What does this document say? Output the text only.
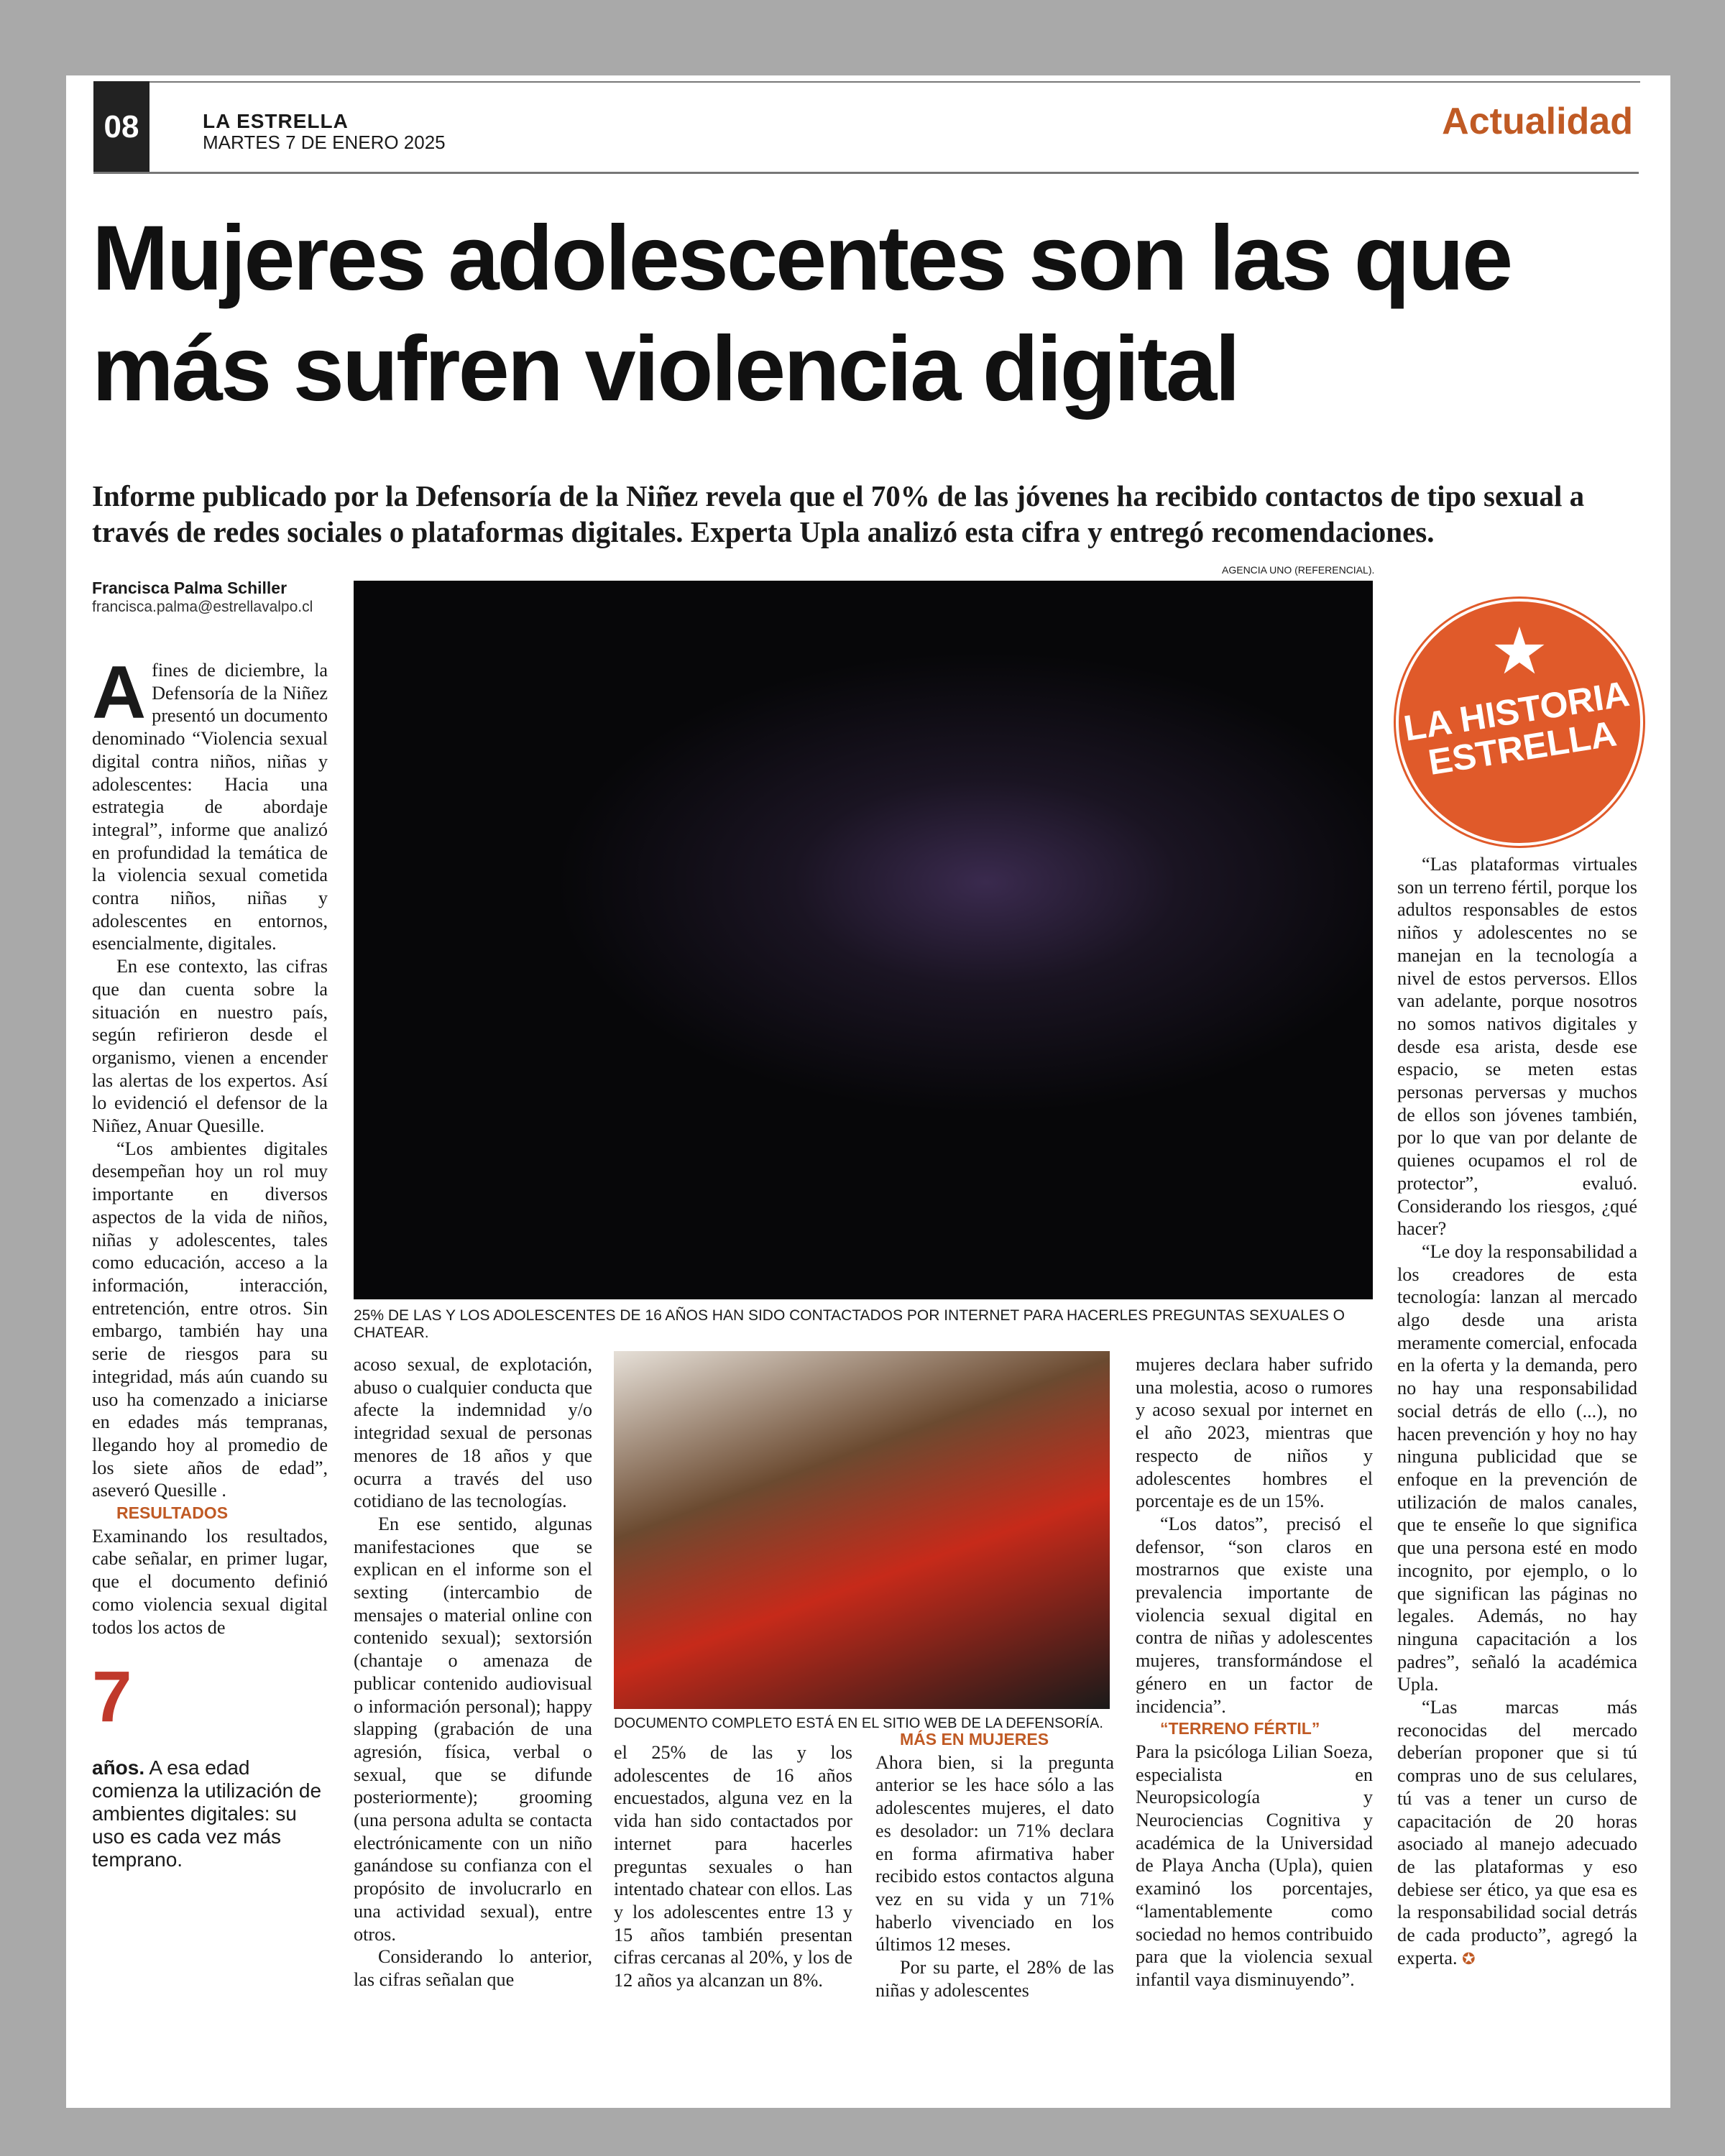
08	LA ESTRELLA
MARTES 7 DE ENERO 2025	Actualidad
Mujeres adolescentes son las que más sufren violencia digital

Informe publicado por la Defensoría de la Niñez revela que el 70% de las jóvenes ha recibido contactos de tipo sexual a través de redes sociales o plataformas digitales. Experta Upla analizó esta cifra y entregó recomendaciones.

Francisca Palma Schiller
francisca.palma@estrellavalpo.cl
AGENCIA UNO (REFERENCIAL).
25% DE LAS Y LOS ADOLESCENTES DE 16 AÑOS HAN SIDO CONTACTADOS POR INTERNET PARA HACERLES PREGUNTAS SEXUALES O CHATEAR.
★
LA HISTORIA ESTRELLA
A fines de diciembre, la Defensoría de la Niñez presentó un documento denominado “Violencia sexual digital contra niños, niñas y adolescentes: Hacia una estrategia de abordaje integral”, informe que analizó en profundidad la temática de la violencia sexual cometida contra niños, niñas y adolescentes en entornos, esencialmente, digitales.

En ese contexto, las cifras que dan cuenta sobre la situación en nuestro país, según refirieron desde el organismo, vienen a encender las alertas de los expertos. Así lo evidenció el defensor de la Niñez, Anuar Quesille.

“Los ambientes digitales desempeñan hoy un rol muy importante en diversos aspectos de la vida de niños, niñas y adolescentes, tales como educación, acceso a la información, interacción, entretención, entre otros. Sin embargo, también hay una serie de riesgos para su integridad, más aún cuando su uso ha comenzado a iniciarse en edades más tempranas, llegando hoy al promedio de los siete años de edad”, aseveró Quesille .

RESULTADOS

Examinando los resultados, cabe señalar, en primer lugar, que el documento definió como violencia sexual digital todos los actos de

7
años. A esa edad comienza la utilización de ambientes digitales: su uso es cada vez más temprano.

acoso sexual, de explotación, abuso o cualquier conducta que afecte la indemnidad y/o integridad sexual de personas menores de 18 años y que ocurra a través del uso cotidiano de las tecnologías.

En ese sentido, algunas manifestaciones que se explican en el informe son el sexting (intercambio de mensajes o material online con contenido sexual); sextorsión (chantaje o amenaza de publicar contenido audiovisual o información personal); happy slapping (grabación de una agresión, física, verbal o sexual, que se difunde posteriormente); grooming (una persona adulta se contacta electrónicamente con un niño ganándose su confianza con el propósito de involucrarlo en una actividad sexual), entre otros.

Considerando lo anterior, las cifras señalan que

DOCUMENTO COMPLETO ESTÁ EN EL SITIO WEB DE LA DEFENSORÍA.

el 25% de las y los adolescentes de 16 años encuestados, alguna vez en la vida han sido contactados por internet para hacerles preguntas sexuales o han intentado chatear con ellos. Las y los adolescentes entre 13 y 15 años también presentan cifras cercanas al 20%, y los de 12 años ya alcanzan un 8%.

MÁS EN MUJERES

Ahora bien, si la pregunta anterior se les hace sólo a las adolescentes mujeres, el dato es desolador: un 71% declara en forma afirmativa haber recibido estos contactos alguna vez en su vida y un 71% haberlo vivenciado en los últimos 12 meses.

Por su parte, el 28% de las niñas y adolescentes

mujeres declara haber sufrido una molestia, acoso o rumores y acoso sexual por internet en el año 2023, mientras que respecto de niños y adolescentes hombres el porcentaje es de un 15%.

“Los datos”, precisó el defensor, “son claros en mostrarnos que existe una prevalencia importante de violencia sexual digital en contra de niñas y adolescentes mujeres, transformándose el género en un factor de incidencia”.

“TERRENO FÉRTIL”

Para la psicóloga Lilian Soeza, especialista en Neuropsicología y Neurociencias Cognitiva y académica de la Universidad de Playa Ancha (Upla), quien examinó los porcentajes, “lamentablemente como sociedad no hemos contribuido para que la violencia sexual infantil vaya disminuyendo”.

“Las plataformas virtuales son un terreno fértil, porque los adultos responsables de estos niños y adolescentes no se manejan en la tecnología a nivel de estos perversos. Ellos van adelante, porque nosotros no somos nativos digitales y desde esa arista, desde ese espacio, se meten estas personas perversas y muchos de ellos son jóvenes también, por lo que van por delante de quienes ocupamos el rol de protector”, evaluó. Considerando los riesgos, ¿qué hacer?

“Le doy la responsabilidad a los creadores de esta tecnología: lanzan al mercado algo desde una arista meramente comercial, enfocada en la oferta y la demanda, pero no hay una responsabilidad social detrás de ello (...), no hacen prevención y hoy no hay ninguna publicidad que se enfoque en la prevención de utilización de malos canales, que te enseñe lo que significa que una persona esté en modo incognito, por ejemplo, o lo que significan las páginas no legales. Además, no hay ninguna capacitación a los padres”, señaló la académica Upla.

“Las marcas más reconocidas del mercado deberían proponer que si tú compras uno de sus celulares, tú vas a tener un curso de capacitación de 20 horas asociado al manejo adecuado de las plataformas y eso debiese ser ético, ya que esa es la responsabilidad social detrás de cada producto”, agregó la experta. ✪
